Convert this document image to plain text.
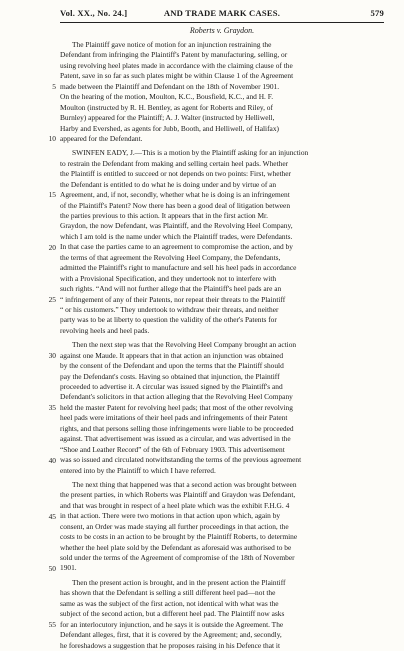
Vol. XX., No. 24.]	AND TRADE MARK CASES.	579
Roberts v. Graydon.
The Plaintiff gave notice of motion for an injunction restraining the
Defendant from infringing the Plaintiff's Patent by manufacturing, selling, or
using revolving heel plates made in accordance with the claiming clause of the
Patent, save in so far as such plates might be within Clause 1 of the Agreement
made between the Plaintiff and Defendant on the 18th of November 1901.
On the hearing of the motion, Moulton, K.C., Bousfield, K.C., and H. F.
Moulton (instructed by R. H. Bentley, as agent for Roberts and Riley, of
Burnley) appeared for the Plaintiff; A. J. Walter (instructed by Helliwell,
Harby and Evershed, as agents for Jubb, Booth, and Helliwell, of Halifax)
appeared for the Defendant.
SWINFEN EADY, J.—This is a motion by the Plaintiff asking for an injunction
to restrain the Defendant from making and selling certain heel pads. Whether
the Plaintiff is entitled to succeed or not depends on two points: First, whether
the Defendant is entitled to do what he is doing under and by virtue of an
Agreement, and, if not, secondly, whether what he is doing is an infringement
of the Plaintiff's Patent? Now there has been a good deal of litigation between
the parties previous to this action. It appears that in the first action Mr.
Graydon, the now Defendant, was Plaintiff, and the Revolving Heel Company,
which I am told is the name under which the Plaintiff trades, were Defendants.
In that case the parties came to an agreement to compromise the action, and by
the terms of that agreement the Revolving Heel Company, the Defendants,
admitted the Plaintiff's right to manufacture and sell his heel pads in accordance
with a Provisional Specification, and they undertook not to interfere with
such rights. “And will not further allege that the Plaintiff's heel pads are an
“ infringement of any of their Patents, nor repeat their threats to the Plaintiff
“ or his customers.” They undertook to withdraw their threats, and neither
party was to be at liberty to question the validity of the other's Patents for
revolving heels and heel pads.
Then the next step was that the Revolving Heel Company brought an action
against one Maude. It appears that in that action an injunction was obtained
by the consent of the Defendant and upon the terms that the Plaintiff should
pay the Defendant's costs. Having so obtained that injunction, the Plaintiff
proceeded to advertise it. A circular was issued signed by the Plaintiff's and
Defendant's solicitors in that action alleging that the Revolving Heel Company
held the master Patent for revolving heel pads; that most of the other revolving
heel pads were imitations of their heel pads and infringements of their Patent
rights, and that persons selling those infringements were liable to be proceeded
against. That advertisement was issued as a circular, and was advertised in the
“Shoe and Leather Record” of the 6th of February 1903. This advertisement
was so issued and circulated notwithstanding the terms of the previous agreement
entered into by the Plaintiff to which I have referred.
The next thing that happened was that a second action was brought between
the present parties, in which Roberts was Plaintiff and Graydon was Defendant,
and that was brought in respect of a heel plate which was the exhibit F.H.G. 4
in that action. There were two motions in that action upon which, again by
consent, an Order was made staying all further proceedings in that action, the
costs to be costs in an action to be brought by the Plaintiff Roberts, to determine
whether the heel plate sold by the Defendant as aforesaid was authorised to be
sold under the terms of the Agreement of compromise of the 18th of November
1901.
Then the present action is brought, and in the present action the Plaintiff
has shown that the Defendant is selling a still different heel pad—not the
same as was the subject of the first action, not identical with what was the
subject of the second action, but a different heel pad. The Plaintiff now asks
for an interlocutory injunction, and he says it is outside the Agreement. The
Defendant alleges, first, that it is covered by the Agreement; and, secondly,
he foreshadows a suggestion that he proposes raising in his Defence that it
5
10
15
20
25
30
35
40
45
50
55
